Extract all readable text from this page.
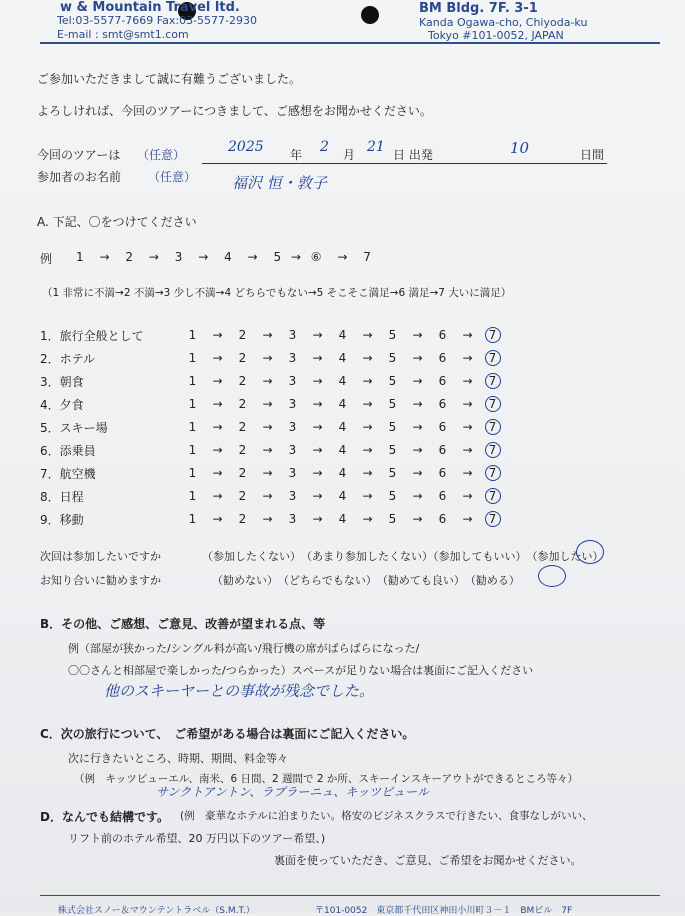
w & Mountain Travel ltd.
Tel:03-5577-7669 Fax:03-5577-2930
E-mail : smt@smt1.com
BM Bldg. 7F. 3-1
Kanda Ogawa-cho, Chiyoda-ku
Tokyo #101-0052, JAPAN
ご参加いただきまして誠に有難うございました。
よろしければ、今回のツアーにつきまして、ご感想をお聞かせください。
今回のツアーは （任意）	2025 年 2 月 21 日 出発	10	日間
参加者のお名前 （任意） 福沢 恒・敦子
A. 下記、〇をつけてください
例 1 → 2 → 3 → 4 → 5 → ⑥ → 7
（1 非常に不満→2 不満→3 少し不満→4 どちらでもない→5 そこそこ満足→6 満足→7 大いに満足）
1．旅行全般として	1 → 2 → 3 → 4 → 5 → 6 → 7
2．ホテル	1 → 2 → 3 → 4 → 5 → 6 → 7
3．朝食	1 → 2 → 3 → 4 → 5 → 6 → 7
4．夕食	1 → 2 → 3 → 4 → 5 → 6 → 7
5．スキー場	1 → 2 → 3 → 4 → 5 → 6 → 7
6．添乗員	1 → 2 → 3 → 4 → 5 → 6 → 7
7．航空機	1 → 2 → 3 → 4 → 5 → 6 → 7
8．日程	1 → 2 → 3 → 4 → 5 → 6 → 7
9．移動	1 → 2 → 3 → 4 → 5 → 6 → 7
次回は参加したいですか	（参加したくない）　（あまり参加したくない）（参加してもいい）　（参加したい）
お知り合いに勧めますか	（勧めない）　（どちらでもない）　（勧めても良い）　（勧める）
B．その他、ご感想、ご意見、改善が望まれる点、等
例（部屋が狭かった/シングル料が高い/飛行機の席がばらばらになった/
〇〇さんと相部屋で楽しかった/つらかった）スペースが足りない場合は裏面にご記入ください
他のスキーヤーとの事故が残念でした。
C．次の旅行について、　ご希望がある場合は裏面にご記入ください。
次に行きたいところ、時期、期間、料金等々
（例　キッツビューエル、南米、6 日間、2 週間で 2 か所、スキーインスキーアウトができるところ等々）
サンクトアントン、ラプラーニュ、キッツビュール
D．なんでも結構です。 (例　豪華なホテルに泊まりたい。格安のビジネスクラスで行きたい、食事なしがいい、
リフト前のホテル希望、20 万円以下のツアー希望、)
裏面を使っていただき、ご意見、ご希望をお聞かせください。
株式会社スノー＆マウンテントラベル（S.M.T.）	〒101-0052　東京都千代田区神田小川町３－１　BMビル　7F
